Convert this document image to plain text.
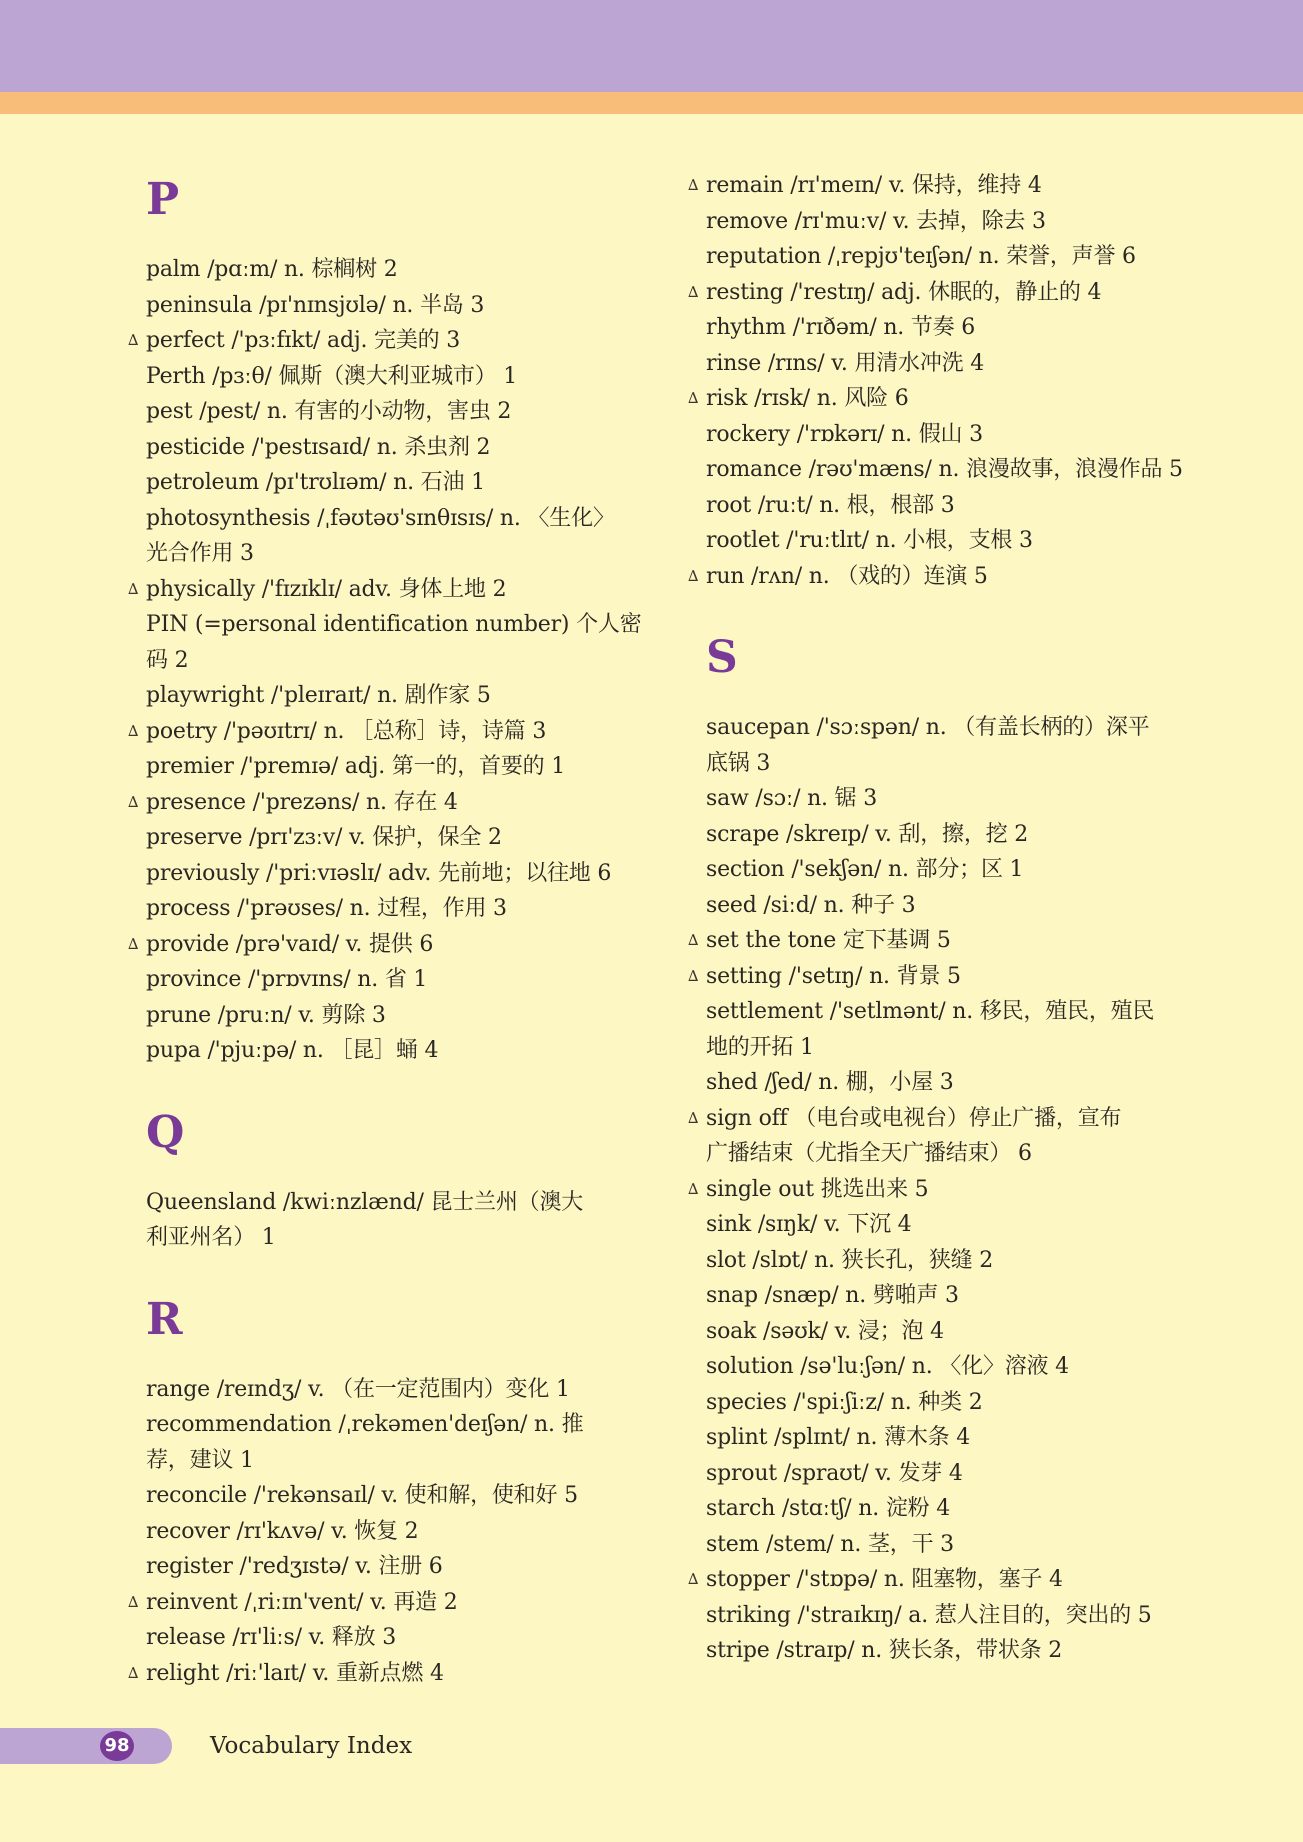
P
palm /pɑːm/ n. 棕榈树 2
peninsula /pɪ'nɪnsjʊlə/ n. 半岛 3
∆ perfect /'pɜːfɪkt/ adj. 完美的 3
Perth /pɜːθ/ 佩斯（澳大利亚城市） 1
pest /pest/ n. 有害的小动物，害虫 2
pesticide /'pestɪsaɪd/ n. 杀虫剂 2
petroleum /pɪ'trʊlɪəm/ n. 石油 1
photosynthesis /ˌfəʊtəʊ'sɪnθɪsɪs/ n. 〈生化〉
光合作用 3
∆ physically /'fɪzɪklɪ/ adv. 身体上地 2
PIN (=personal identification number) 个人密
码 2
playwright /'pleɪraɪt/ n. 剧作家 5
∆ poetry /'pəʊɪtrɪ/ n. ［总称］诗，诗篇 3
premier /'premɪə/ adj. 第一的，首要的 1
∆ presence /'prezəns/ n. 存在 4
preserve /prɪ'zɜːv/ v. 保护，保全 2
previously /'priːvɪəslɪ/ adv. 先前地；以往地 6
process /'prəʊses/ n. 过程，作用 3
∆ provide /prə'vaɪd/ v. 提供 6
province /'prɒvɪns/ n. 省 1
prune /pruːn/ v. 剪除 3
pupa /'pjuːpə/ n. ［昆］蛹 4
Q
Queensland /kwiːnzlænd/ 昆士兰州（澳大
利亚州名） 1
R
range /reɪndʒ/ v. （在一定范围内）变化 1
recommendation /ˌrekəmen'deɪʃən/ n. 推
荐，建议 1
reconcile /'rekənsaɪl/ v. 使和解，使和好 5
recover /rɪ'kʌvə/ v. 恢复 2
register /'redʒɪstə/ v. 注册 6
∆ reinvent /ˌriːɪn'vent/ v. 再造 2
release /rɪ'liːs/ v. 释放 3
∆ relight /riː'laɪt/ v. 重新点燃 4
∆ remain /rɪ'meɪn/ v. 保持，维持 4
remove /rɪ'muːv/ v. 去掉，除去 3
reputation /ˌrepjʊ'teɪʃən/ n. 荣誉，声誉 6
∆ resting /'restɪŋ/ adj. 休眠的，静止的 4
rhythm /'rɪðəm/ n. 节奏 6
rinse /rɪns/ v. 用清水冲洗 4
∆ risk /rɪsk/ n. 风险 6
rockery /'rɒkərɪ/ n. 假山 3
romance /rəʊ'mæns/ n. 浪漫故事，浪漫作品 5
root /ruːt/ n. 根，根部 3
rootlet /'ruːtlɪt/ n. 小根，支根 3
∆ run /rʌn/ n. （戏的）连演 5
S
saucepan /'sɔːspən/ n. （有盖长柄的）深平
底锅 3
saw /sɔː/ n. 锯 3
scrape /skreɪp/ v. 刮，擦，挖 2
section /'sekʃən/ n. 部分；区 1
seed /siːd/ n. 种子 3
∆ set the tone 定下基调 5
∆ setting /'setɪŋ/ n. 背景 5
settlement /'setlmənt/ n. 移民，殖民，殖民
地的开拓 1
shed /ʃed/ n. 棚，小屋 3
∆ sign off （电台或电视台）停止广播，宣布
广播结束（尤指全天广播结束） 6
∆ single out 挑选出来 5
sink /sɪŋk/ v. 下沉 4
slot /slɒt/ n. 狭长孔，狭缝 2
snap /snæp/ n. 劈啪声 3
soak /səʊk/ v. 浸；泡 4
solution /sə'luːʃən/ n. 〈化〉溶液 4
species /'spiːʃiːz/ n. 种类 2
splint /splɪnt/ n. 薄木条 4
sprout /spraʊt/ v. 发芽 4
starch /stɑːtʃ/ n. 淀粉 4
stem /stem/ n. 茎，干 3
∆ stopper /'stɒpə/ n. 阻塞物，塞子 4
striking /'straɪkɪŋ/ a. 惹人注目的，突出的 5
stripe /straɪp/ n. 狭长条，带状条 2
98	Vocabulary Index
